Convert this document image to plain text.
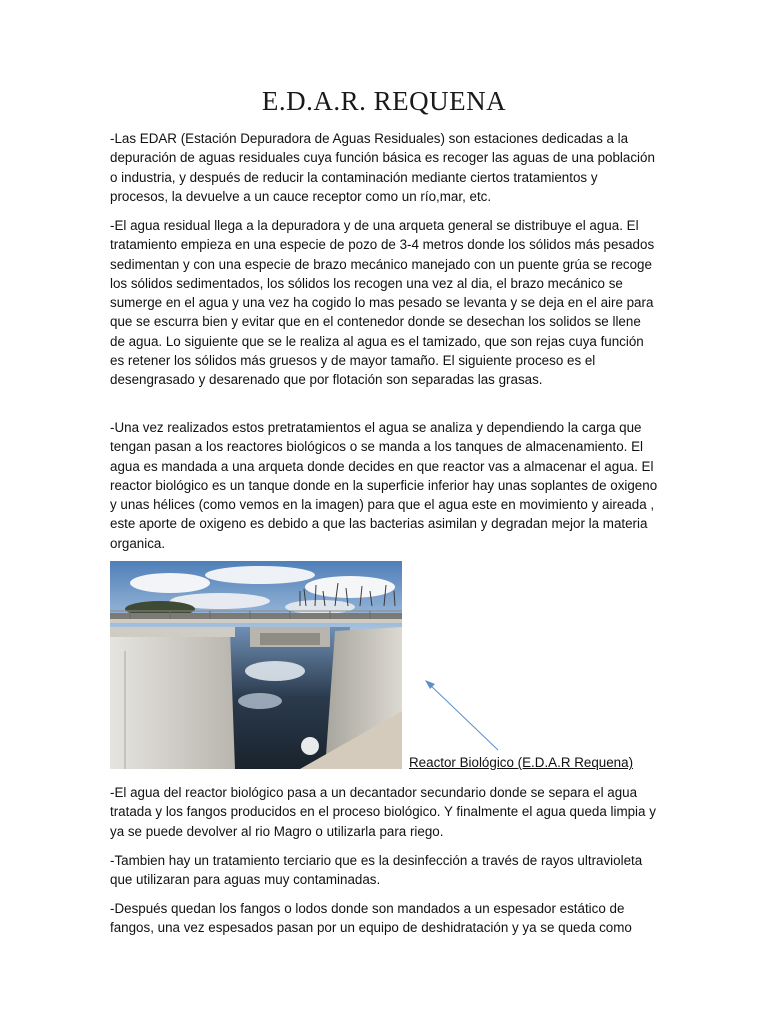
E.D.A.R. REQUENA

-Las EDAR (Estación Depuradora de Aguas Residuales) son estaciones dedicadas a la depuración de aguas residuales cuya función básica es recoger las aguas de una población o industria, y después de reducir la contaminación mediante ciertos tratamientos y procesos, la devuelve a un cauce receptor como un río,mar, etc.

-El agua residual llega a la depuradora y de una arqueta general se distribuye el agua. El tratamiento empieza en una especie de pozo de 3-4 metros donde los sólidos más pesados sedimentan y con una especie de brazo mecánico manejado con un puente grúa se recoge los sólidos sedimentados, los sólidos los recogen una vez al dia, el brazo mecánico se sumerge en el agua y una vez ha cogido lo mas pesado se levanta y se deja en el aire para que se escurra bien y evitar que en el contenedor donde se desechan los solidos se llene de agua. Lo siguiente que se le realiza al agua es el tamizado, que son rejas cuya función es retener los sólidos más gruesos y de mayor tamaño. El siguiente proceso es el desengrasado y desarenado que por flotación son separadas las grasas.

-Una vez realizados estos pretratamientos el agua se analiza y dependiendo la carga que tengan pasan a los reactores biológicos o se manda a los tanques de almacenamiento. El agua es mandada a una arqueta donde decides en que reactor vas a almacenar el agua. El reactor biológico es un tanque donde en la superficie inferior hay unas soplantes de oxigeno y unas hélices (como vemos en la imagen) para que el agua este en movimiento y aireada , este aporte de oxigeno es debido a que las bacterias asimilan y degradan mejor la materia organica.

Reactor Biológico (E.D.A.R Requena)

-El agua del reactor biológico pasa a un decantador secundario donde se separa el agua tratada y los fangos producidos en el proceso biológico. Y finalmente el agua queda limpia y ya se puede devolver al rio Magro o utilizarla para riego.

-Tambien hay un tratamiento terciario que es la desinfección a través de rayos ultravioleta que utilizaran para aguas muy contaminadas.

-Después quedan los fangos o lodos donde son mandados a un espesador estático de fangos, una vez espesados pasan por un equipo de deshidratación y ya se queda como
